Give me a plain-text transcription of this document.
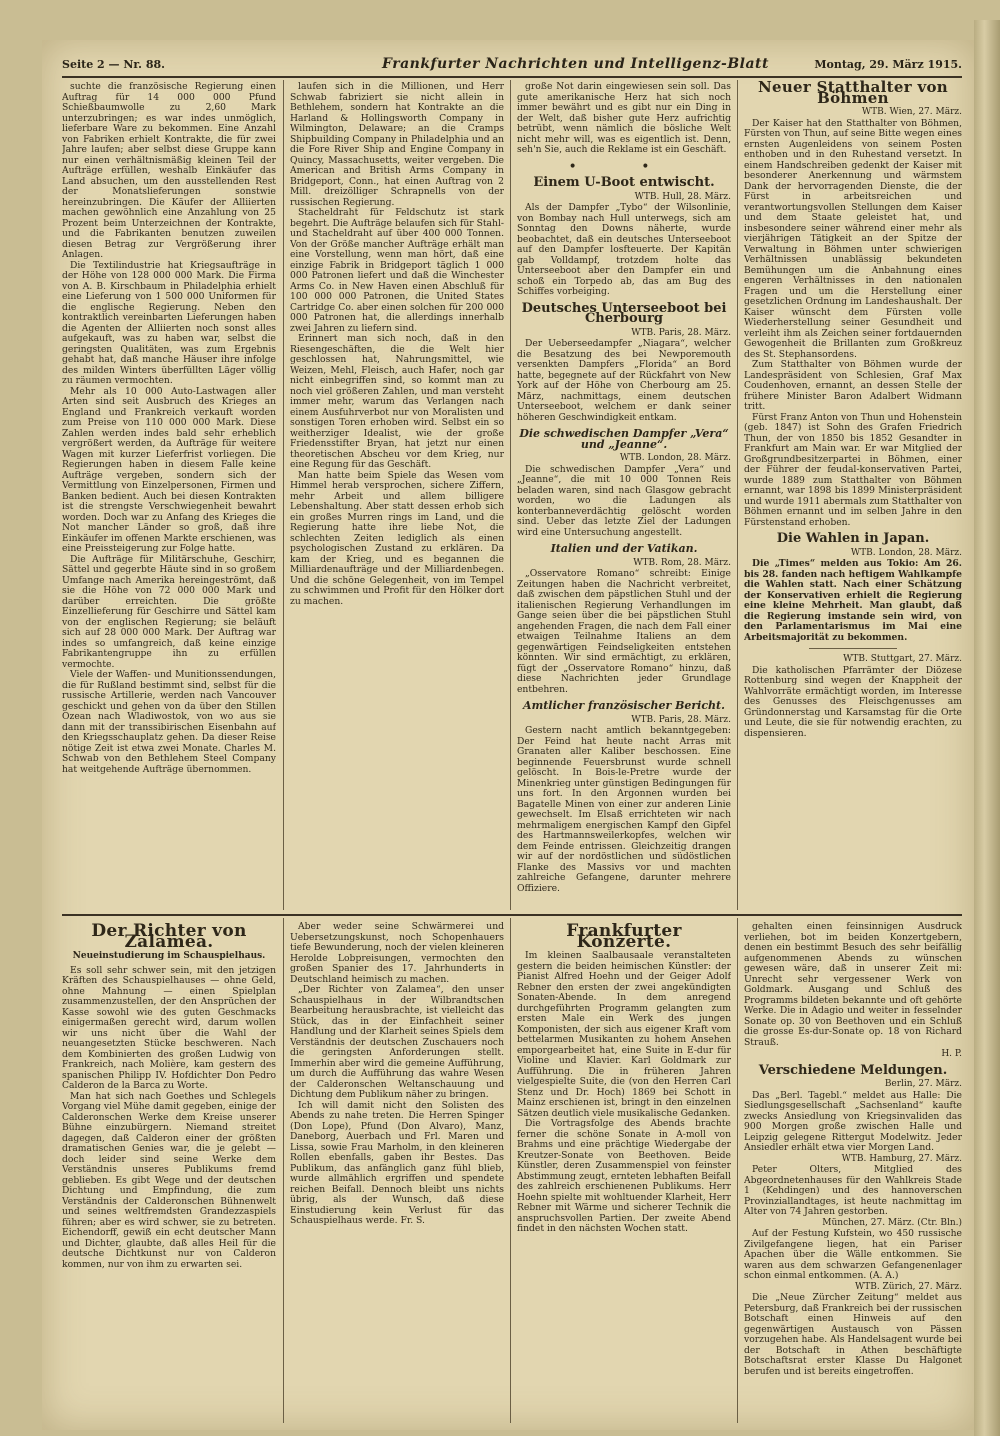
Seite 2 — Nr. 88.	Frankfurter Nachrichten und Intelligenz-Blatt	Montag, 29. März 1915.

suchte die französische Regierung einen Auftrag für 14 000 000 Pfund Schießbaumwolle zu 2,60 Mark unterzubringen; es war indes unmöglich, lieferbare Ware zu bekommen. Eine Anzahl von Fabriken erhielt Kontrakte, die für zwei Jahre laufen; aber selbst diese Gruppe kann nur einen verhältnismäßig kleinen Teil der Aufträge erfüllen, weshalb Einkäufer das Land absuchen, um den ausstellenden Rest der Monatslieferungen sonstwie hereinzubringen. Die Käufer der Alliierten machen gewöhnlich eine Anzahlung von 25 Prozent beim Unterzeichnen der Kontrakte, und die Fabrikanten benutzen zuweilen diesen Betrag zur Vergrößerung ihrer Anlagen.

Die Textilindustrie hat Kriegsaufträge in der Höhe von 128 000 000 Mark. Die Firma von A. B. Kirschbaum in Philadelphia erhielt eine Lieferung von 1 500 000 Uniformen für die englische Regierung. Neben den kontraktlich vereinbarten Lieferungen haben die Agenten der Alliierten noch sonst alles aufgekauft, was zu haben war, selbst die geringsten Qualitäten, was zum Ergebnis gehabt hat, daß manche Häuser ihre infolge des milden Winters überfüllten Läger völlig zu räumen vermochten.

Mehr als 10 000 Auto-Lastwagen aller Arten sind seit Ausbruch des Krieges an England und Frankreich verkauft worden zum Preise von 110 000 000 Mark. Diese Zahlen werden indes bald sehr erheblich vergrößert werden, da Aufträge für weitere Wagen mit kurzer Lieferfrist vorliegen. Die Regierungen haben in diesem Falle keine Aufträge vergeben, sondern sich der Vermittlung von Einzelpersonen, Firmen und Banken bedient. Auch bei diesen Kontrakten ist die strengste Verschwiegenheit bewahrt worden. Doch war zu Anfang des Krieges die Not mancher Länder so groß, daß ihre Einkäufer im offenen Markte erschienen, was eine Preissteigerung zur Folge hatte.

Die Aufträge für Militärschuhe, Geschirr, Sättel und gegerbte Häute sind in so großem Umfange nach Amerika hereingeströmt, daß sie die Höhe von 72 000 000 Mark und darüber erreichten. Die größte Einzellieferung für Geschirre und Sättel kam von der englischen Regierung; sie beläuft sich auf 28 000 000 Mark. Der Auftrag war indes so umfangreich, daß keine einzige Fabrikantengruppe ihn zu erfüllen vermochte.

Viele der Waffen- und Munitionssendungen, die für Rußland bestimmt sind, selbst für die russische Artillerie, werden nach Vancouver geschickt und gehen von da über den Stillen Ozean nach Wladiwostok, von wo aus sie dann mit der transsibirischen Eisenbahn auf den Kriegsschauplatz gehen. Da dieser Reise nötige Zeit ist etwa zwei Monate. Charles M. Schwab von den Bethlehem Steel Company hat weitgehende Aufträge übernommen.

laufen sich in die Millionen, und Herr Schwab fabriziert sie nicht allein in Bethlehem, sondern hat Kontrakte an die Harland & Hollingsworth Company in Wilmington, Delaware; an die Cramps Shipbuilding Company in Philadelphia und an die Fore River Ship and Engine Company in Quincy, Massachusetts, weiter vergeben. Die American and British Arms Company in Bridgeport, Conn., hat einen Auftrag von 2 Mill. dreizölliger Schrapnells von der russischen Regierung.

Stacheldraht für Feldschutz ist stark begehrt. Die Aufträge belaufen sich für Stahl- und Stacheldraht auf über 400 000 Tonnen. Von der Größe mancher Aufträge erhält man eine Vorstellung, wenn man hört, daß eine einzige Fabrik in Bridgeport täglich 1 000 000 Patronen liefert und daß die Winchester Arms Co. in New Haven einen Abschluß für 100 000 000 Patronen, die United States Cartridge Co. aber einen solchen für 200 000 000 Patronen hat, die allerdings innerhalb zwei Jahren zu liefern sind.

Erinnert man sich noch, daß in den Riesengeschäften, die die Welt hier geschlossen hat, Nahrungsmittel, wie Weizen, Mehl, Fleisch, auch Hafer, noch gar nicht einbegriffen sind, so kommt man zu noch viel größeren Zahlen, und man versteht immer mehr, warum das Verlangen nach einem Ausfuhrverbot nur von Moralisten und sonstigen Toren erhoben wird. Selbst ein so weitherziger Idealist, wie der große Friedensstifter Bryan, hat jetzt nur einen theoretischen Abscheu vor dem Krieg, nur eine Regung für das Geschäft.

Man hatte beim Spiele das Wesen vom Himmel herab versprochen, sichere Ziffern, mehr Arbeit und allem billigere Lebenshaltung. Aber statt dessen erhob sich ein großes Murren rings im Land, und die Regierung hatte ihre liebe Not, die schlechten Zeiten lediglich als einen psychologischen Zustand zu erklären. Da kam der Krieg, und es begannen die Milliardenaufträge und der Milliardenbegen. Und die schöne Gelegenheit, von im Tempel zu schwimmen und Profit für den Hölker dort zu machen.

große Not darin eingewiesen sein soll. Das gute amerikanische Herz hat sich noch immer bewährt und es gibt nur ein Ding in der Welt, daß bisher gute Herz aufrichtig betrübt, wenn nämlich die bösliche Welt nicht mehr will, was es eigentlich ist. Denn, seh'n Sie, auch die Reklame ist ein Geschäft.

• •
Einem U-Boot entwischt.
WTB. Hull, 28. März.

Als der Dampfer „Tybo“ der Wilsonlinie, von Bombay nach Hull unterwegs, sich am Sonntag den Downs näherte, wurde beobachtet, daß ein deutsches Unterseeboot auf den Dampfer losfteuerte. Der Kapitän gab Volldampf, trotzdem holte das Unterseeboot aber den Dampfer ein und schoß ein Torpedo ab, das am Bug des Schiffes vorbeiging.

Deutsches Unterseeboot bei Cherbourg
WTB. Paris, 28. März.

Der Ueberseedampfer „Niagara“, welcher die Besatzung des bei Newporemouth versenkten Dampfers „Florida“ an Bord hatte, begegnete auf der Rückfahrt von New York auf der Höhe von Cherbourg am 25. März, nachmittags, einem deutschen Unterseeboot, welchem er dank seiner höheren Geschwindigkeit entkam.

Die schwedischen Dampfer „Vera“ und „Jeanne“.
WTB. London, 28. März.

Die schwedischen Dampfer „Vera“ und „Jeanne“, die mit 10 000 Tonnen Reis beladen waren, sind nach Glasgow gebracht worden, wo die Ladungen als konterbanneverdächtig gelöscht worden sind. Ueber das letzte Ziel der Ladungen wird eine Untersuchung angestellt.

Italien und der Vatikan.
WTB. Rom, 28. März.

„Osservatore Romano“ schreibt: Einige Zeitungen haben die Nachricht verbreitet, daß zwischen dem päpstlichen Stuhl und der italienischen Regierung Verhandlungen im Gange seien über die bei päpstlichen Stuhl angehenden Fragen, die nach dem Fall einer etwaigen Teilnahme Italiens an dem gegenwärtigen Feindseligkeiten entstehen könnten. Wir sind ermächtigt, zu erklären, fügt der „Osservatore Romano“ hinzu, daß diese Nachrichten jeder Grundlage entbehren.

Amtlicher französischer Bericht.
WTB. Paris, 28. März.

Gestern nacht amtlich bekanntgegeben: Der Feind hat heute nacht Arras mit Granaten aller Kaliber beschossen. Eine beginnende Feuersbrunst wurde schnell gelöscht. In Bois-le-Pretre wurde der Minenkrieg unter günstigen Bedingungen für uns fort. In den Argonnen wurden bei Bagatelle Minen von einer zur anderen Linie gewechselt. Im Elsaß errichteten wir nach mehrmaligem energischen Kampf den Gipfel des Hartmannsweilerkopfes, welchen wir dem Feinde entrissen. Gleichzeitig drangen wir auf der nordöstlichen und südöstlichen Flanke des Massivs vor und machten zahlreiche Gefangene, darunter mehrere Offiziere.

Neuer Statthalter von Böhmen
WTB. Wien, 27. März.

Der Kaiser hat den Statthalter von Böhmen, Fürsten von Thun, auf seine Bitte wegen eines ernsten Augenleidens von seinem Posten enthoben und in den Ruhestand versetzt. In einem Handschreiben gedenkt der Kaiser mit besonderer Anerkennung und wärmstem Dank der hervorragenden Dienste, die der Fürst in arbeitsreichen und verantwortungsvollen Stellungen dem Kaiser und dem Staate geleistet hat, und insbesondere seiner während einer mehr als vierjährigen Tätigkeit an der Spitze der Verwaltung in Böhmen unter schwierigen Verhältnissen unablässig bekundeten Bemühungen um die Anbahnung eines engeren Verhältnisses in den nationalen Fragen und um die Herstellung einer gesetzlichen Ordnung im Landeshaushalt. Der Kaiser wünscht dem Fürsten volle Wiederherstellung seiner Gesundheit und verleiht ihm als Zeichen seiner fortdauernden Gewogenheit die Brillanten zum Großkreuz des St. Stephansordens.

Zum Statthalter von Böhmen wurde der Landespräsident von Schlesien, Graf Max Coudenhoven, ernannt, an dessen Stelle der frühere Minister Baron Adalbert Widmann tritt.

Fürst Franz Anton von Thun und Hohenstein (geb. 1847) ist Sohn des Grafen Friedrich Thun, der von 1850 bis 1852 Gesandter in Frankfurt am Main war. Er war Mitglied der Großgrundbesitzerpartei in Böhmen, einer der Führer der feudal-konservativen Partei, wurde 1889 zum Statthalter von Böhmen ernannt, war 1898 bis 1899 Ministerpräsident und wurde 1911 abermals zum Statthalter von Böhmen ernannt und im selben Jahre in den Fürstenstand erhoben.

Die Wahlen in Japan.
WTB. London, 28. März.

Die „Times“ melden aus Tokio: Am 26. bis 28. fanden nach heftigem Wahlkampfe die Wahlen statt. Nach einer Schätzung der Konservativen erhielt die Regierung eine kleine Mehrheit. Man glaubt, daß die Regierung imstande sein wird, von den Parlamentarismus im Mai eine Arbeitsmajorität zu bekommen.

WTB. Stuttgart, 27. März.

Die katholischen Pfarrämter der Diözese Rottenburg sind wegen der Knappheit der Wahlvorräte ermächtigt worden, im Interesse des Genusses des Fleischgenusses am Gründonnerstag und Karsamstag für die Orte und Leute, die sie für notwendig erachten, zu dispensieren.

Der Richter von Zalamea.
Neueinstudierung im Schauspielhaus.

Es soll sehr schwer sein, mit den jetzigen Kräften des Schauspielhauses — ohne Geld, ohne Mahnung — einen Spielplan zusammenzustellen, der den Ansprüchen der Kasse sowohl wie des guten Geschmacks einigermaßen gerecht wird, darum wollen wir uns nicht über die Wahl der neuangesetzten Stücke beschweren. Nach dem Kombinierten des großen Ludwig von Frankreich, nach Molière, kam gestern des spanischen Philipp IV. Hofdichter Don Pedro Calderon de la Barca zu Worte.

Man hat sich nach Goethes und Schlegels Vorgang viel Mühe damit gegeben, einige der Calderonschen Werke dem Kreise unserer Bühne einzubürgern. Niemand streitet dagegen, daß Calderon einer der größten dramatischen Genies war, die je gelebt — doch leider sind seine Werke dem Verständnis unseres Publikums fremd geblieben. Es gibt Wege und der deutschen Dichtung und Empfindung, die zum Verständnis der Calderonschen Bühnenwelt und seines weltfremdsten Grandezzaspiels führen; aber es wird schwer, sie zu betreten. Eichendorff, gewiß ein echt deutscher Mann und Dichter, glaubte, daß alles Heil für die deutsche Dichtkunst nur von Calderon kommen, nur von ihm zu erwarten sei.

Aber weder seine Schwärmerei und Uebersetzungskunst, noch Schopenhauers tiefe Bewunderung, noch der vielen kleineren Herolde Lobpreisungen, vermochten den großen Spanier des 17. Jahrhunderts in Deutschland heimisch zu machen.

„Der Richter von Zalamea“, den unser Schauspielhaus in der Wilbrandtschen Bearbeitung herausbrachte, ist vielleicht das Stück, das in der Einfachheit seiner Handlung und der Klarheit seines Spiels dem Verständnis der deutschen Zuschauers noch die geringsten Anforderungen stellt. Immerhin aber wird die gemeine Aufführung, um durch die Aufführung das wahre Wesen der Calderonschen Weltanschauung und Dichtung dem Publikum näher zu bringen.

Ich will damit nicht den Solisten des Abends zu nahe treten. Die Herren Spinger (Don Lope), Pfund (Don Alvaro), Manz, Daneborg, Auerbach und Frl. Maren und Lissa, sowie Frau Marholm, in den kleineren Rollen ebenfalls, gaben ihr Bestes. Das Publikum, das anfänglich ganz fühl blieb, wurde allmählich ergriffen und spendete reichen Beifall. Dennoch bleibt uns nichts übrig, als der Wunsch, daß diese Einstudierung kein Verlust für das Schauspielhaus werde. Fr. S.

Frankfurter Konzerte.

Im kleinen Saalbausaale veranstalteten gestern die beiden heimischen Künstler: der Pianist Alfred Hoehn und der Geiger Adolf Rebner den ersten der zwei angekündigten Sonaten-Abende. In dem anregend durchgeführten Programm gelangten zum ersten Male ein Werk des jungen Komponisten, der sich aus eigener Kraft vom bettelarmen Musikanten zu hohem Ansehen emporgearbeitet hat, eine Suite in E-dur für Violine und Klavier. Karl Goldmark zur Aufführung. Die in früheren Jahren vielgespielte Suite, die (von den Herren Carl Stenz und Dr. Hoch) 1869 bei Schott in Mainz erschienen ist, bringt in den einzelnen Sätzen deutlich viele musikalische Gedanken.

Die Vortragsfolge des Abends brachte ferner die schöne Sonate in A-moll von Brahms und eine prächtige Wiedergabe der Kreutzer-Sonate von Beethoven. Beide Künstler, deren Zusammenspiel von feinster Abstimmung zeugt, ernteten lebhaften Beifall des zahlreich erschienenen Publikums. Herr Hoehn spielte mit wohltuender Klarheit, Herr Rebner mit Wärme und sicherer Technik die anspruchsvollen Partien. Der zweite Abend findet in den nächsten Wochen statt.

gehalten einen feinsinnigen Ausdruck verliehen, bot im beiden Konzertgebern, denen ein bestimmt Besuch des sehr beifällig aufgenommenen Abends zu wünschen gewesen wäre, daß in unserer Zeit mi: Unrecht sehr vergessener Werk von Goldmark. Ausgang und Schluß des Programms bildeten bekannte und oft gehörte Werke. Die in Adagio und weiter in fesselnder Sonate op. 30 von Beethoven und ein Schluß die grosse Es-dur-Sonate op. 18 von Richard Strauß.

H. P.
Verschiedene Meldungen.
Berlin, 27. März.

Das „Berl. Tagebl.“ meldet aus Halle: Die Siedlungsgesellschaft „Sachsenland“ kaufte zwecks Ansiedlung von Kriegsinvaliden das 900 Morgen große zwischen Halle und Leipzig gelegene Rittergut Modelwitz. Jeder Ansiedler erhält etwa vier Morgen Land.

WTB. Hamburg, 27. März.

Peter Olters, Mitglied des Abgeordnetenhauses für den Wahlkreis Stade 1 (Kehdingen) und des hannoverschen Provinziallandtages, ist heute nachmittag im Alter von 74 Jahren gestorben.

München, 27. März. (Ctr. Bln.)

Auf der Festung Kufstein, wo 450 russische Zivilgefangene liegen, hat ein Pariser Apachen über die Wälle entkommen. Sie waren aus dem schwarzen Gefangenenlager schon einmal entkommen. (A. A.)

WTB. Zürich, 27. März.

Die „Neue Zürcher Zeitung“ meldet aus Petersburg, daß Frankreich bei der russischen Botschaft einen Hinweis auf den gegenwärtigen Austausch von Pässen vorzugehen habe. Als Handelsagent wurde bei der Botschaft in Athen beschäftigte Botschaftsrat erster Klasse Du Halgonet berufen und ist bereits eingetroffen.
